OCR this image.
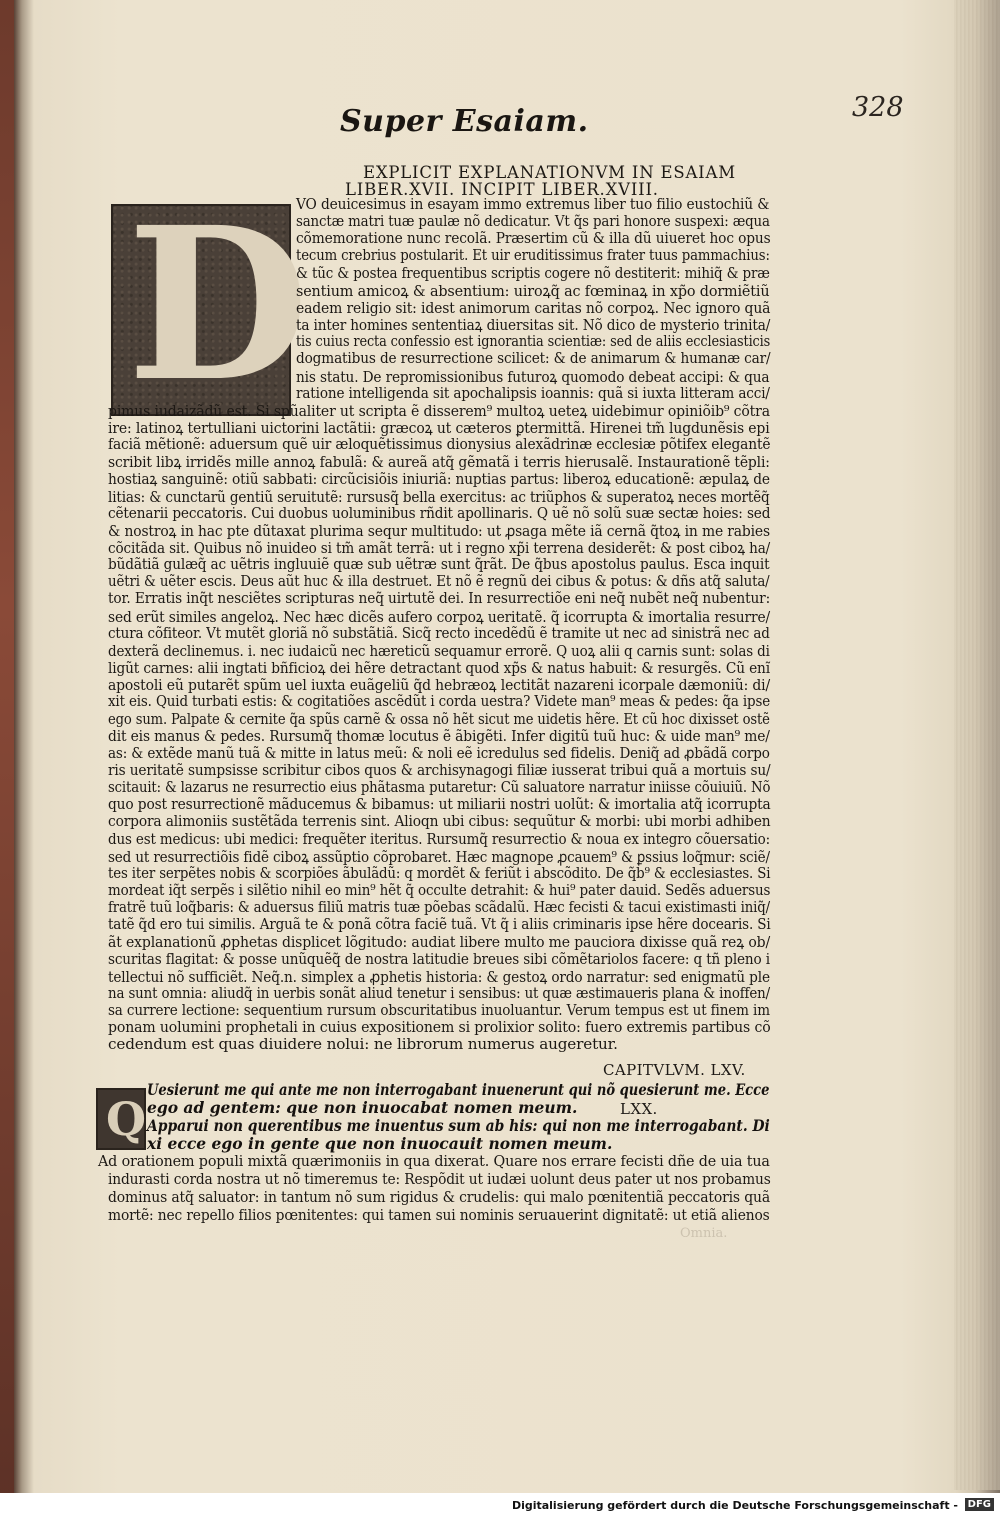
Super Esaiam.	328
EXPLICIT EXPLANATIONVM IN ESAIAM
LIBER.XVII. INCIPIT LIBER.XVIII.
D
VO deuicesimus in esayam immo extremus liber tuo filio eustochiũ &
sanctæ matri tuæ paulæ nõ dedicatur. Vt q̃s pari honore suspexi: æqua
cõmemoratione nunc recolã. Præsertim cũ & illa dũ uiueret hoc opus
tecum crebrius postularit. Et uir eruditissimus frater tuus pammachius:
& tũc & postea frequentibus scriptis cogere nõ destiterit: mihiq̃ & præ
sentium amicoꝝ & absentium: uiroꝝq̃ ac fœminaꝝ in xp̃o dormiẽtiũ
eadem religio sit: idest animorum caritas nõ corpoꝝ. Nec ignoro quã
ta inter homines sententiaꝝ diuersitas sit. Nõ dico de mysterio trinita/
tis cuius recta confessio est ignorantia scientiæ: sed de aliis ecclesiasticis
dogmatibus de resurrectione scilicet: & de animarum & humanæ car/
nis statu. De repromissionibus futuroꝝ quomodo debeat accipi: & qua
ratione intelligenda sit apochalipsis ioannis: quã si iuxta litteram acci/
pimus iudaizãdũ est. Si spũaliter ut scripta ẽ disserem⁹ multoꝝ ueteꝝ uidebimur opiniõib⁹ cõtra
ire: latinoꝝ tertulliani uictorini lactãtii: græcoꝝ ut cæteros ꝑtermittã. Hirenei tm̃ lugdunẽsis epi
faciã mẽtionẽ: aduersum quẽ uir æloquẽtissimus dionysius alexãdrinæ ecclesiæ põtifex elegantẽ
scribit libꝝ irridẽs mille annoꝝ fabulã: & aureã atq̃ gẽmatã i terris hierusalẽ. Instaurationẽ tẽpli:
hostiaꝝ sanguinẽ: otiũ sabbati: circũcisiõis iniuriã: nuptias partus: liberoꝝ educationẽ: æpulaꝝ de
litias: & cunctarũ gentiũ seruitutẽ: rursusq̃ bella exercitus: ac triũphos & superatoꝝ neces mortẽq̃
cẽtenarii peccatoris. Cui duobus uoluminibus rñdit apollinaris. Q uẽ nõ solũ suæ sectæ hoies: sed
& nostroꝝ in hac pte dũtaxat plurima sequr multitudo: ut ꝓsaga mẽte iã cernã q̃toꝝ in me rabies
cõcitãda sit. Quibus nõ inuideo si tm̃ amãt terrã: ut i regno xp̃i terrena desiderẽt: & post ciboꝝ ha/
bũdãtiã gulæq̃ ac uẽtris ingluuiẽ quæ sub uẽtræ sunt q̃rãt. De q̃bus apostolus paulus. Esca inquit
uẽtri & uẽter escis. Deus aũt huc & illa destruet. Et nõ ẽ regnũ dei cibus & potus: & dñs atq̃ saluta/
tor. Erratis inq̃t nesciẽtes scripturas neq̃ uirtutẽ dei. In resurrectiõe eni neq̃ nubẽt neq̃ nubentur:
sed erũt similes angeloꝝ. Nec hæc dicẽs aufero corpoꝝ ueritatẽ. q̃ icorrupta & imortalia resurre/
ctura cõfiteor. Vt mutẽt gloriã nõ substãtiã. Sicq̃ recto incedẽdũ ẽ tramite ut nec ad sinistrã nec ad
dexterã declinemus. i. nec iudaicũ nec hæreticũ sequamur errorẽ. Q uoꝝ alii q carnis sunt: solas di
ligũt carnes: alii ingtati bñficioꝝ dei hẽre detractant quod xp̃s & natus habuit: & resurgẽs. Cũ enĩ
apostoli eũ putarẽt spũm uel iuxta euãgeliũ q̃d hebræoꝝ lectitãt nazareni icorpale dæmoniũ: di/
xit eis. Quid turbati estis: & cogitatiões ascẽdũt i corda uestra? Videte man⁹ meas & pedes: q̃a ipse
ego sum. Palpate & cernite q̃a spũs carnẽ & ossa nõ hẽt sicut me uidetis hẽre. Et cũ hoc dixisset ostẽ
dit eis manus & pedes. Rursumq̃ thomæ locutus ẽ ãbigẽti. Infer digitũ tuũ huc: & uide man⁹ me/
as: & extẽde manũ tuã & mitte in latus meũ: & noli eẽ icredulus sed fidelis. Deniq̃ ad ꝓbãdã corpo
ris ueritatẽ sumpsisse scribitur cibos quos & archisynagogi filiæ iusserat tribui quã a mortuis su/
scitauit: & lazarus ne resurrectio eius phãtasma putaretur: Cũ saluatore narratur iniisse cõuiuiũ. Nõ
quo post resurrectionẽ mãducemus & bibamus: ut miliarii nostri uolũt: & imortalia atq̃ icorrupta
corpora alimoniis sustẽtãda terrenis sint. Alioqn ubi cibus: sequũtur & morbi: ubi morbi adhiben
dus est medicus: ubi medici: frequẽter iteritus. Rursumq̃ resurrectio & noua ex integro cõuersatio:
sed ut resurrectiõis fidẽ ciboꝝ assũptio cõprobaret. Hæc magnope ꝓcauem⁹ & ꝑssius loq̃mur: sciẽ/
tes iter serpẽtes nobis & scorpiões ãbulãdũ: q mordẽt & feriũt i abscõdito. De q̃b⁹ & ecclesiastes. Si
mordeat iq̃t serpẽs i silẽtio nihil eo min⁹ hẽt q̃ occulte detrahit: & hui⁹ pater dauid. Sedẽs aduersus
fratrẽ tuũ loq̃baris: & aduersus filiũ matris tuæ põebas scãdalũ. Hæc fecisti & tacui existimasti iniq̃/
tatẽ q̃d ero tui similis. Arguã te & ponã cõtra faciẽ tuã. Vt q̃ i aliis criminaris ipse hẽre docearis. Si
ãt explanationũ ꝓphetas displicet lõgitudo: audiat libere multo me pauciora dixisse quã reꝝ ob/
scuritas flagitat: & posse unũquẽq̃ de nostra latitudie breues sibi cõmẽtariolos facere: q tñ pleno i
tellectui nõ sufficiẽt. Neq̃.n. simplex a ꝓphetis historia: & gestoꝝ ordo narratur: sed enigmatũ ple
na sunt omnia: aliudq̃ in uerbis sonãt aliud tenetur i sensibus: ut quæ æstimaueris plana & inoffen/
sa currere lectione: sequentium rursum obscuritatibus inuoluantur. Verum tempus est ut finem im
ponam uolumini prophetali in cuius expositionem si prolixior solito: fuero extremis partibus cõ
cedendum est quas diuidere nolui: ne librorum numerus augeretur.
CAPITVLVM. LXV.
Q
Uesierunt me qui ante me non interrogabant inuenerunt qui nõ quesierunt me. Ecce
ego ad gentem: que non inuocabat nomen meum.	LXX.
Apparui non querentibus me inuentus sum ab his: qui non me interrogabant. Di
xi ecce ego in gente que non inuocauit nomen meum.
Ad orationem populi mixtã quærimoniis in qua dixerat. Quare nos errare fecisti dñe de uia tua
indurasti corda nostra ut nõ timeremus te: Respõdit ut iudæi uolunt deus pater ut nos probamus
dominus atq̃ saluator: in tantum nõ sum rigidus & crudelis: qui malo pœnitentiã peccatoris quã
mortẽ: nec repello filios pœnitentes: qui tamen sui nominis seruauerint dignitatẽ: ut etiã alienos
Omnia.
Digitalisierung gefördert durch die Deutsche Forschungsgemeinschaft - DFG
